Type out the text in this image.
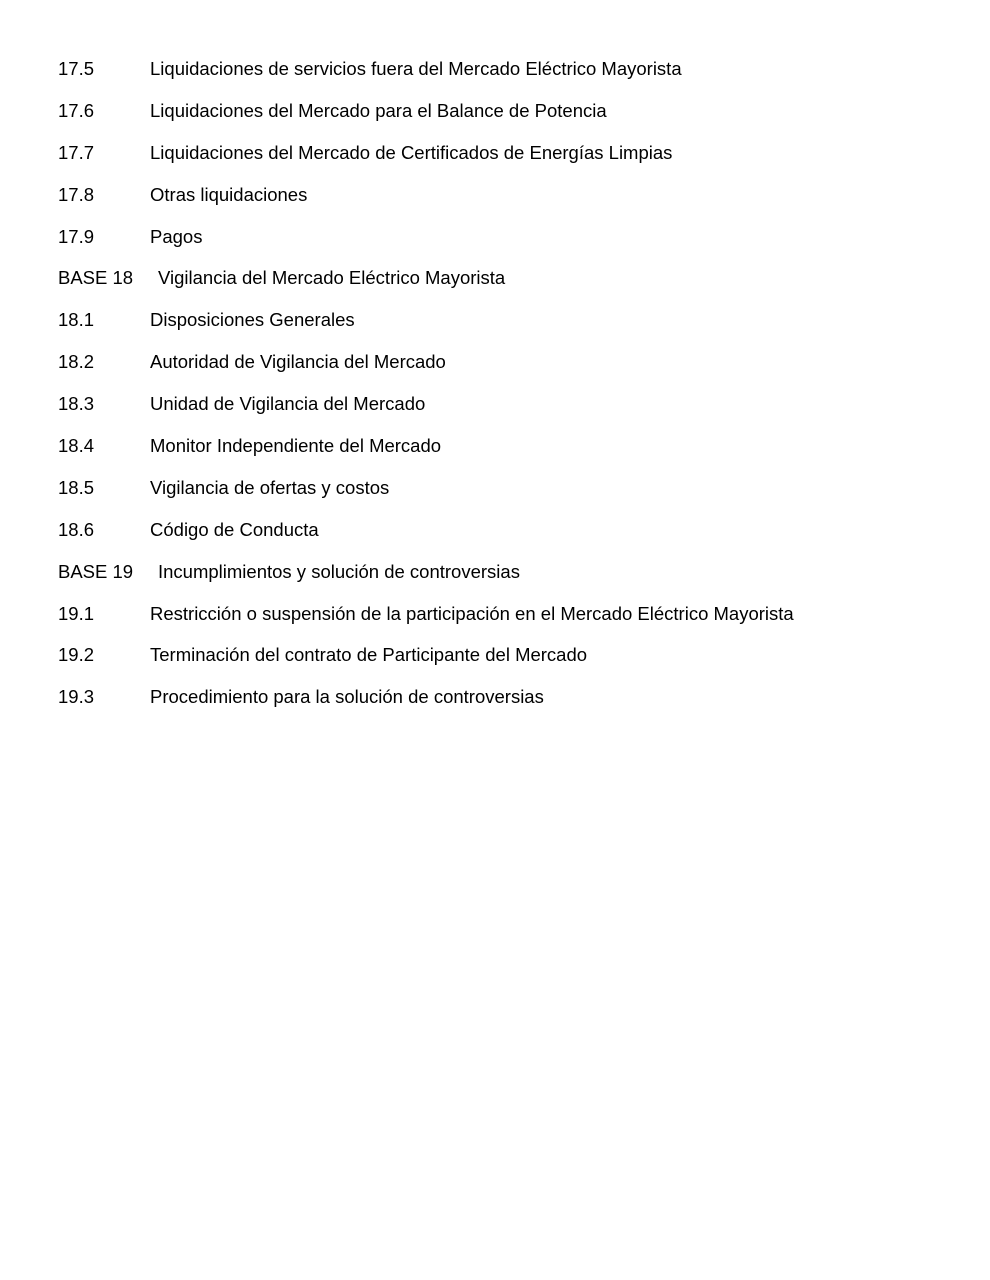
17.5	Liquidaciones de servicios fuera del Mercado Eléctrico Mayorista
17.6	Liquidaciones del Mercado para el Balance de Potencia
17.7	Liquidaciones del Mercado de Certificados de Energías Limpias
17.8	Otras liquidaciones
17.9	Pagos
BASE 18	Vigilancia del Mercado Eléctrico Mayorista
18.1	Disposiciones Generales
18.2	Autoridad de Vigilancia del Mercado
18.3	Unidad de Vigilancia del Mercado
18.4	Monitor Independiente del Mercado
18.5	Vigilancia de ofertas y costos
18.6	Código de Conducta
BASE 19	Incumplimientos y solución de controversias
19.1	Restricción o suspensión de la participación en el Mercado Eléctrico Mayorista
19.2	Terminación del contrato de Participante del Mercado
19.3	Procedimiento para la solución de controversias
